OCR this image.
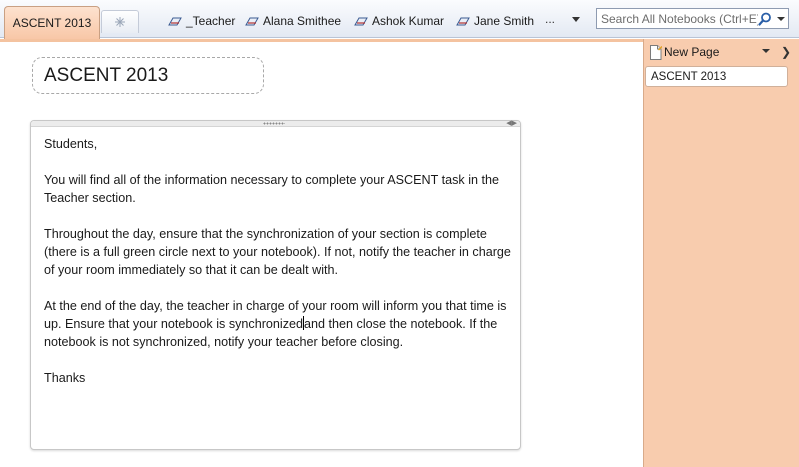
ASCENT 2013	_Teacher Alana Smithee	Ashok Kumar Jane Smith ...
Search All Notebooks (Ctrl+E)
ASCENT 2013
◀▶

Students,

You will find all of the information necessary to complete your ASCENT task in the Teacher section.

Throughout the day, ensure that the synchronization of your section is complete (there is a full green circle next to your notebook). If not, notify the teacher in charge of your room immediately so that it can be dealt with.

At the end of the day, the teacher in charge of your room will inform you that time is up. Ensure that your notebook is synchronizedand then close the notebook. If the notebook is not synchronized, notify your teacher before closing.

Thanks

New Page	❯
ASCENT 2013
